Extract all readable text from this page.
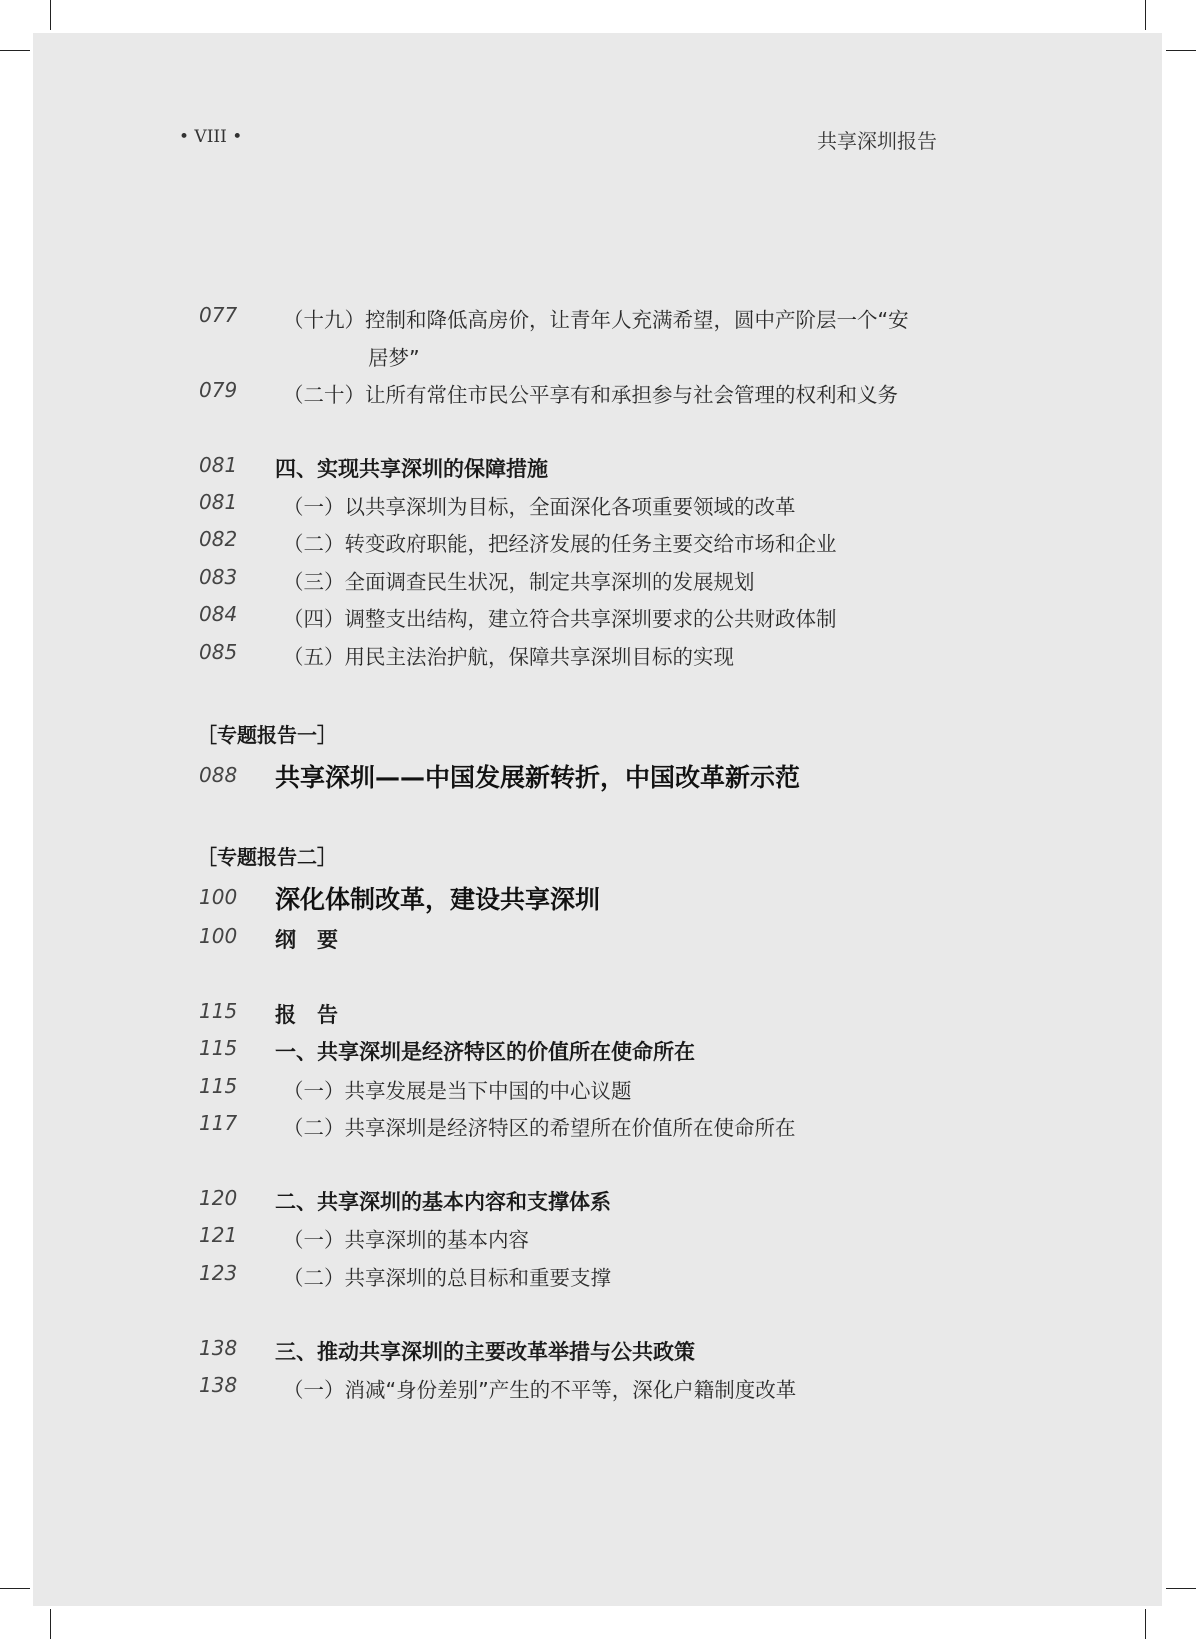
• VIII •	共享深圳报告
077 （十九）控制和降低高房价，让青年人充满希望，圆中产阶层一个“安
居梦”
079 （二十）让所有常住市民公平享有和承担参与社会管理的权利和义务
081 四、实现共享深圳的保障措施
081 （一）以共享深圳为目标，全面深化各项重要领域的改革
082 （二）转变政府职能，把经济发展的任务主要交给市场和企业
083 （三）全面调查民生状况，制定共享深圳的发展规划
084 （四）调整支出结构，建立符合共享深圳要求的公共财政体制
085 （五）用民主法治护航，保障共享深圳目标的实现
［专题报告一］
088 共享深圳——中国发展新转折，中国改革新示范
［专题报告二］
100 深化体制改革，建设共享深圳
100 纲　要
115 报　告
115 一、共享深圳是经济特区的价值所在使命所在
115 （一）共享发展是当下中国的中心议题
117 （二）共享深圳是经济特区的希望所在价值所在使命所在
120 二、共享深圳的基本内容和支撑体系
121 （一）共享深圳的基本内容
123 （二）共享深圳的总目标和重要支撑
138 三、推动共享深圳的主要改革举措与公共政策
138 （一）消减“身份差别”产生的不平等，深化户籍制度改革
